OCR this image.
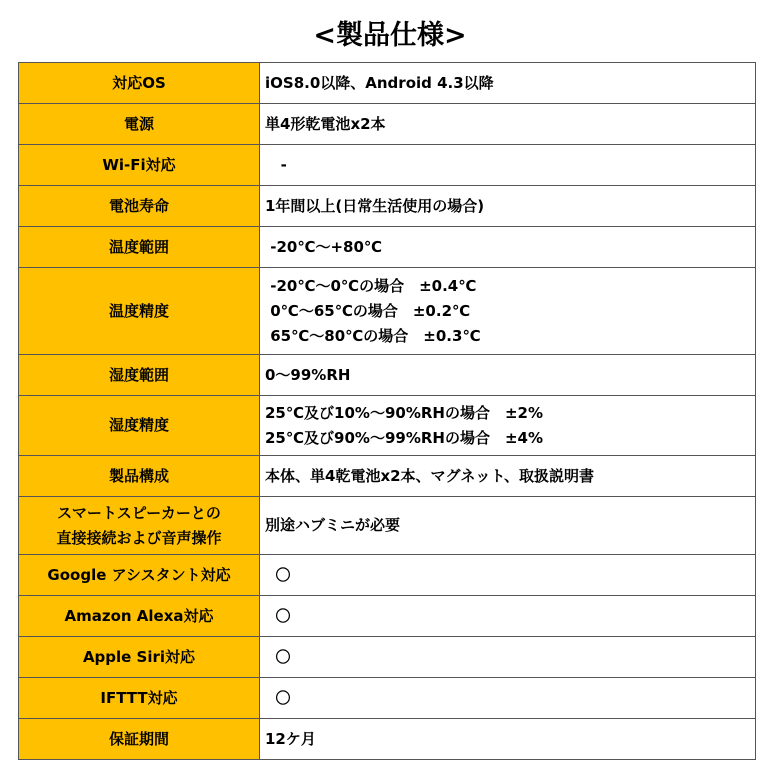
<製品仕様>
対応OS	iOS8.0以降、Android 4.3以降

電源	単4形乾電池x2本

Wi-Fi対応	-

電池寿命	1年間以上(日常生活使用の場合)

温度範囲	-20℃～+80℃

温度精度	-20℃～0℃の場合　±0.4℃
0℃～65℃の場合　±0.2℃
65℃～80℃の場合　±0.3℃

湿度範囲	0～99%RH

湿度精度	25℃及び10%～90%RHの場合　±2%
25℃及び90%～99%RHの場合　±4%

製品構成	本体、単4乾電池x2本、マグネット、取扱説明書

スマートスピーカーとの
直接接続および音声操作	別途ハブミニが必要

Google アシスタント対応	〇

Amazon Alexa対応	〇

Apple Siri対応	〇

IFTTT対応	〇

保証期間	12ケ月
